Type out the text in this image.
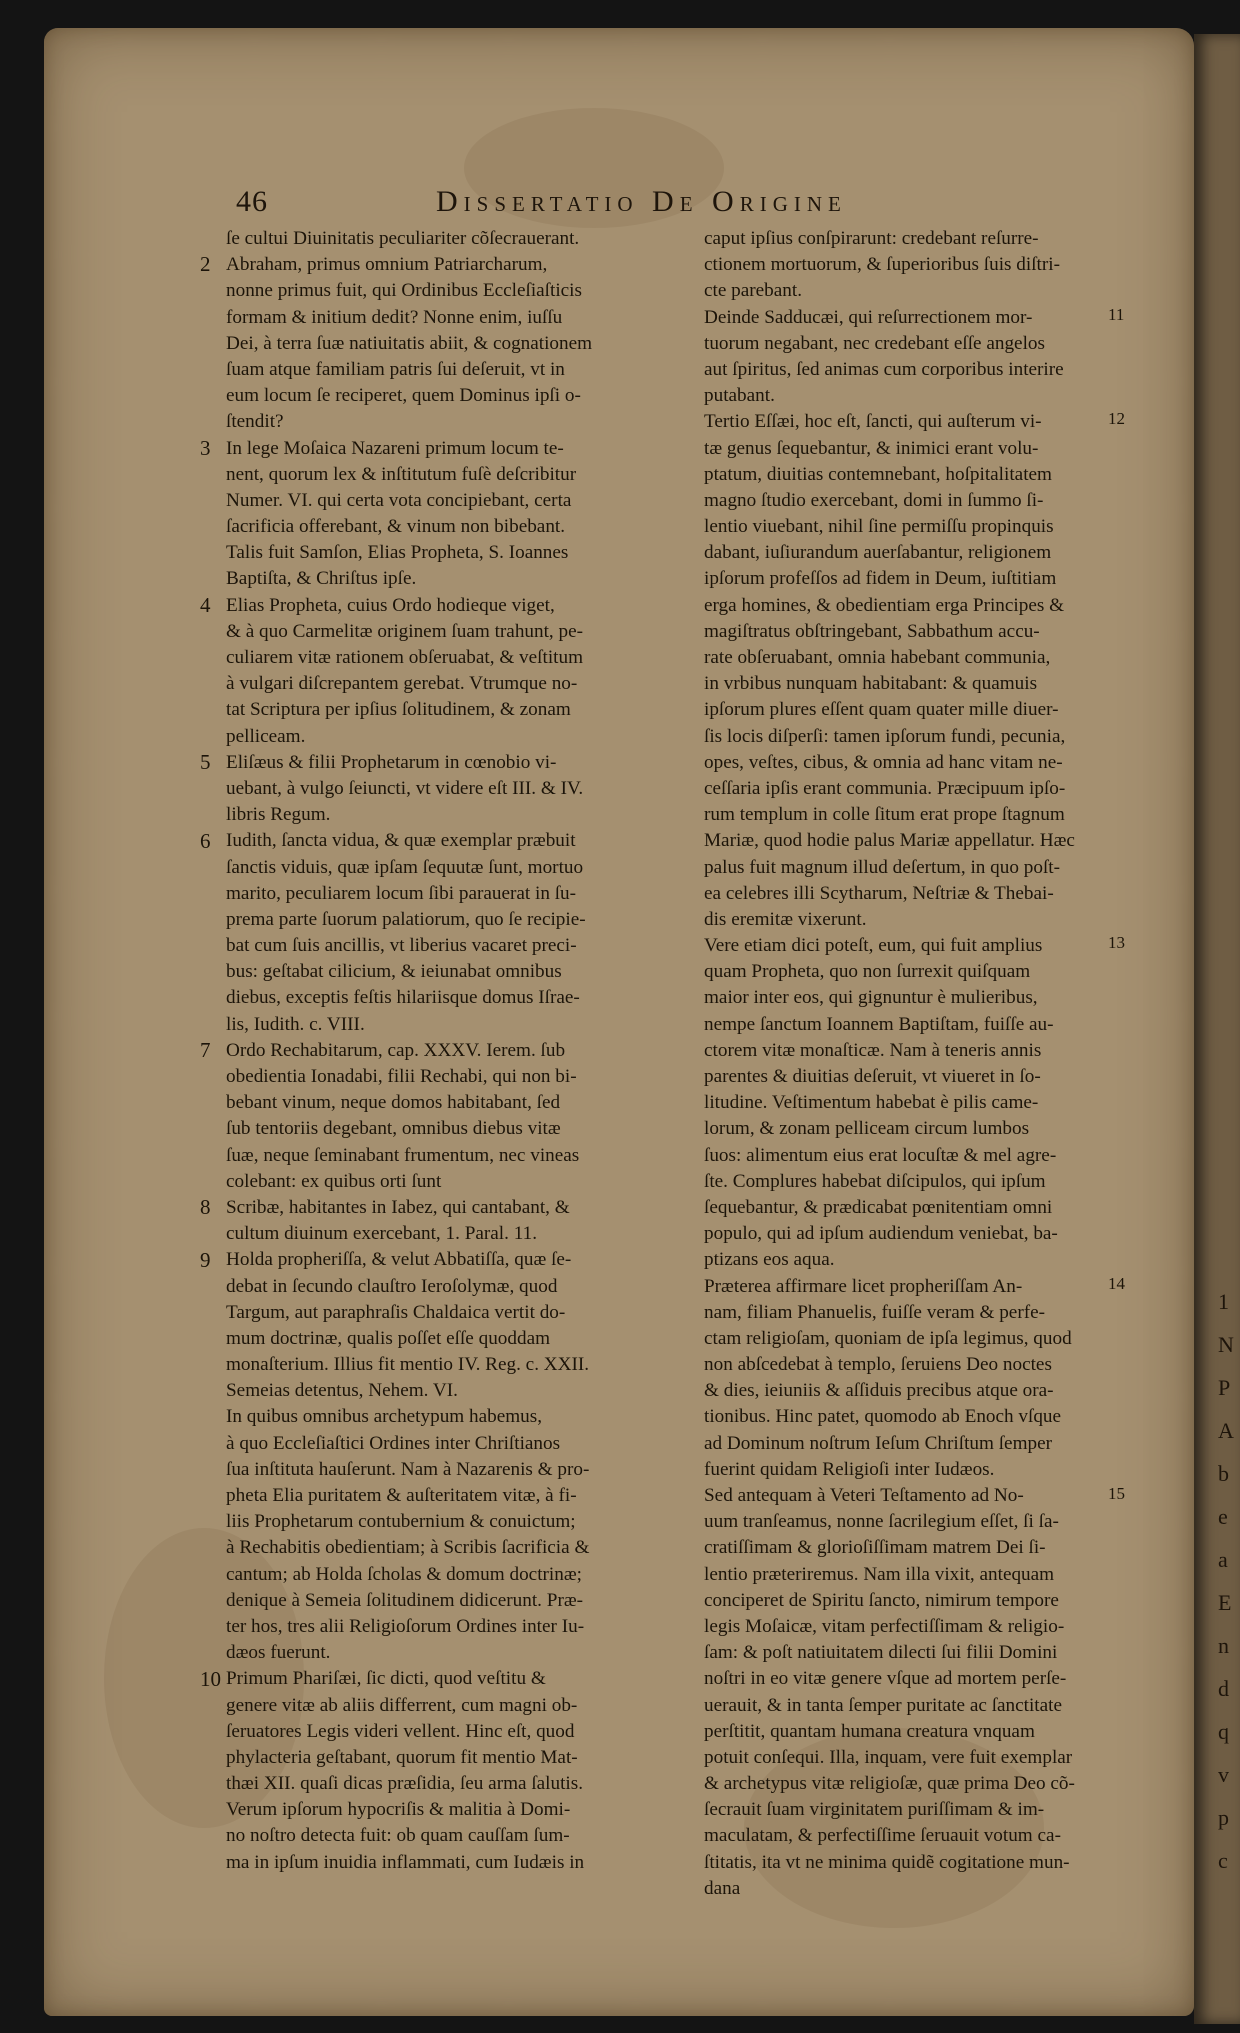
1
N
P
A
b
e
a
E
n
d
q
v
p
c
46	Dissertatio De Origine
ſe cultui Diuinitatis peculiariter cõſecrauerant.
Abraham, primus omnium Patriarcharum,
nonne primus fuit, qui Ordinibus Eccleſiaſticis
formam & initium dedit? Nonne enim, iuſſu
Dei, à terra ſuæ natiuitatis abiit, & cognationem
ſuam atque familiam patris ſui deſeruit, vt in
eum locum ſe reciperet, quem Dominus ipſi o-
ſtendit?
In lege Moſaica Nazareni primum locum te-
nent, quorum lex & inſtitutum fuſè deſcribitur
Numer. VI. qui certa vota concipiebant, certa
ſacrificia offerebant, & vinum non bibebant.
Talis fuit Samſon, Elias Propheta, S. Ioannes
Baptiſta, & Chriſtus ipſe.
Elias Propheta, cuius Ordo hodieque viget,
& à quo Carmelitæ originem ſuam trahunt, pe-
culiarem vitæ rationem obſeruabat, & veſtitum
à vulgari diſcrepantem gerebat. Vtrumque no-
tat Scriptura per ipſius ſolitudinem, & zonam
pelliceam.
Eliſæus & filii Prophetarum in cœnobio vi-
uebant, à vulgo ſeiuncti, vt videre eſt III. & IV.
libris Regum.
Iudith, ſancta vidua, & quæ exemplar præbuit
ſanctis viduis, quæ ipſam ſequutæ ſunt, mortuo
marito, peculiarem locum ſibi parauerat in ſu-
prema parte ſuorum palatiorum, quo ſe recipie-
bat cum ſuis ancillis, vt liberius vacaret preci-
bus: geſtabat cilicium, & ieiunabat omnibus
diebus, exceptis feſtis hilariisque domus Iſrae-
lis, Iudith. c. VIII.
Ordo Rechabitarum, cap. XXXV. Ierem. ſub
obedientia Ionadabi, filii Rechabi, qui non bi-
bebant vinum, neque domos habitabant, ſed
ſub tentoriis degebant, omnibus diebus vitæ
ſuæ, neque ſeminabant frumentum, nec vineas
colebant: ex quibus orti ſunt
Scribæ, habitantes in Iabez, qui cantabant, &
cultum diuinum exercebant, 1. Paral. 11.
Holda propheriſſa, & velut Abbatiſſa, quæ ſe-
debat in ſecundo clauſtro Ieroſolymæ, quod
Targum, aut paraphraſis Chaldaica vertit do-
mum doctrinæ, qualis poſſet eſſe quoddam
monaſterium. Illius fit mentio IV. Reg. c. XXII.
Semeias detentus, Nehem. VI.
In quibus omnibus archetypum habemus,
à quo Eccleſiaſtici Ordines inter Chriſtianos
ſua inſtituta hauſerunt. Nam à Nazarenis & pro-
pheta Elia puritatem & auſteritatem vitæ, à fi-
liis Prophetarum contubernium & conuictum;
à Rechabitis obedientiam; à Scribis ſacrificia &
cantum; ab Holda ſcholas & domum doctrinæ;
denique à Semeia ſolitudinem didicerunt. Præ-
ter hos, tres alii Religioſorum Ordines inter Iu-
dæos fuerunt.
Primum Phariſæi, ſic dicti, quod veſtitu &
genere vitæ ab aliis differrent, cum magni ob-
ſeruatores Legis videri vellent. Hinc eſt, quod
phylacteria geſtabant, quorum fit mentio Mat-
thæi XII. quaſi dicas præſidia, ſeu arma ſalutis.
Verum ipſorum hypocriſis & malitia à Domi-
no noſtro detecta fuit: ob quam cauſſam ſum-
ma in ipſum inuidia inflammati, cum Iudæis in
caput ipſius conſpirarunt: credebant reſurre-
ctionem mortuorum, & ſuperioribus ſuis diſtri-
cte parebant.
Deinde Sadducæi, qui reſurrectionem mor-
tuorum negabant, nec credebant eſſe angelos
aut ſpiritus, ſed animas cum corporibus interire
putabant.
Tertio Eſſæi, hoc eſt, ſancti, qui auſterum vi-
tæ genus ſequebantur, & inimici erant volu-
ptatum, diuitias contemnebant, hoſpitalitatem
magno ſtudio exercebant, domi in ſummo ſi-
lentio viuebant, nihil ſine permiſſu propinquis
dabant, iuſiurandum auerſabantur, religionem
ipſorum profeſſos ad fidem in Deum, iuſtitiam
erga homines, & obedientiam erga Principes &
magiſtratus obſtringebant, Sabbathum accu-
rate obſeruabant, omnia habebant communia,
in vrbibus nunquam habitabant: & quamuis
ipſorum plures eſſent quam quater mille diuer-
ſis locis diſperſi: tamen ipſorum fundi, pecunia,
opes, veſtes, cibus, & omnia ad hanc vitam ne-
ceſſaria ipſis erant communia. Præcipuum ipſo-
rum templum in colle ſitum erat prope ſtagnum
Mariæ, quod hodie palus Mariæ appellatur. Hæc
palus fuit magnum illud deſertum, in quo poſt-
ea celebres illi Scytharum, Neſtriæ & Thebai-
dis eremitæ vixerunt.
Vere etiam dici poteſt, eum, qui fuit amplius
quam Propheta, quo non ſurrexit quiſquam
maior inter eos, qui gignuntur è mulieribus,
nempe ſanctum Ioannem Baptiſtam, fuiſſe au-
ctorem vitæ monaſticæ. Nam à teneris annis
parentes & diuitias deſeruit, vt viueret in ſo-
litudine. Veſtimentum habebat è pilis came-
lorum, & zonam pelliceam circum lumbos
ſuos: alimentum eius erat locuſtæ & mel agre-
ſte. Complures habebat diſcipulos, qui ipſum
ſequebantur, & prædicabat pœnitentiam omni
populo, qui ad ipſum audiendum veniebat, ba-
ptizans eos aqua.
Præterea affirmare licet propheriſſam An-
nam, filiam Phanuelis, fuiſſe veram & perfe-
ctam religioſam, quoniam de ipſa legimus, quod
non abſcedebat à templo, ſeruiens Deo noctes
& dies, ieiuniis & aſſiduis precibus atque ora-
tionibus. Hinc patet, quomodo ab Enoch vſque
ad Dominum noſtrum Ieſum Chriſtum ſemper
fuerint quidam Religioſi inter Iudæos.
Sed antequam à Veteri Teſtamento ad No-
uum tranſeamus, nonne ſacrilegium eſſet, ſi ſa-
cratiſſimam & glorioſiſſimam matrem Dei ſi-
lentio præteriremus. Nam illa vixit, antequam
conciperet de Spiritu ſancto, nimirum tempore
legis Moſaicæ, vitam perfectiſſimam & religio-
ſam: & poſt natiuitatem dilecti ſui filii Domini
noſtri in eo vitæ genere vſque ad mortem perſe-
uerauit, & in tanta ſemper puritate ac ſanctitate
perſtitit, quantam humana creatura vnquam
potuit conſequi. Illa, inquam, vere fuit exemplar
& archetypus vitæ religioſæ, quæ prima Deo cõ-
ſecrauit ſuam virginitatem puriſſimam & im-
maculatam, & perfectiſſime ſeruauit votum ca-
ſtitatis, ita vt ne minima quidẽ cogitatione mun-
dana
2
3
4
5
6
7
8
9
10
11
12
13
14
15
